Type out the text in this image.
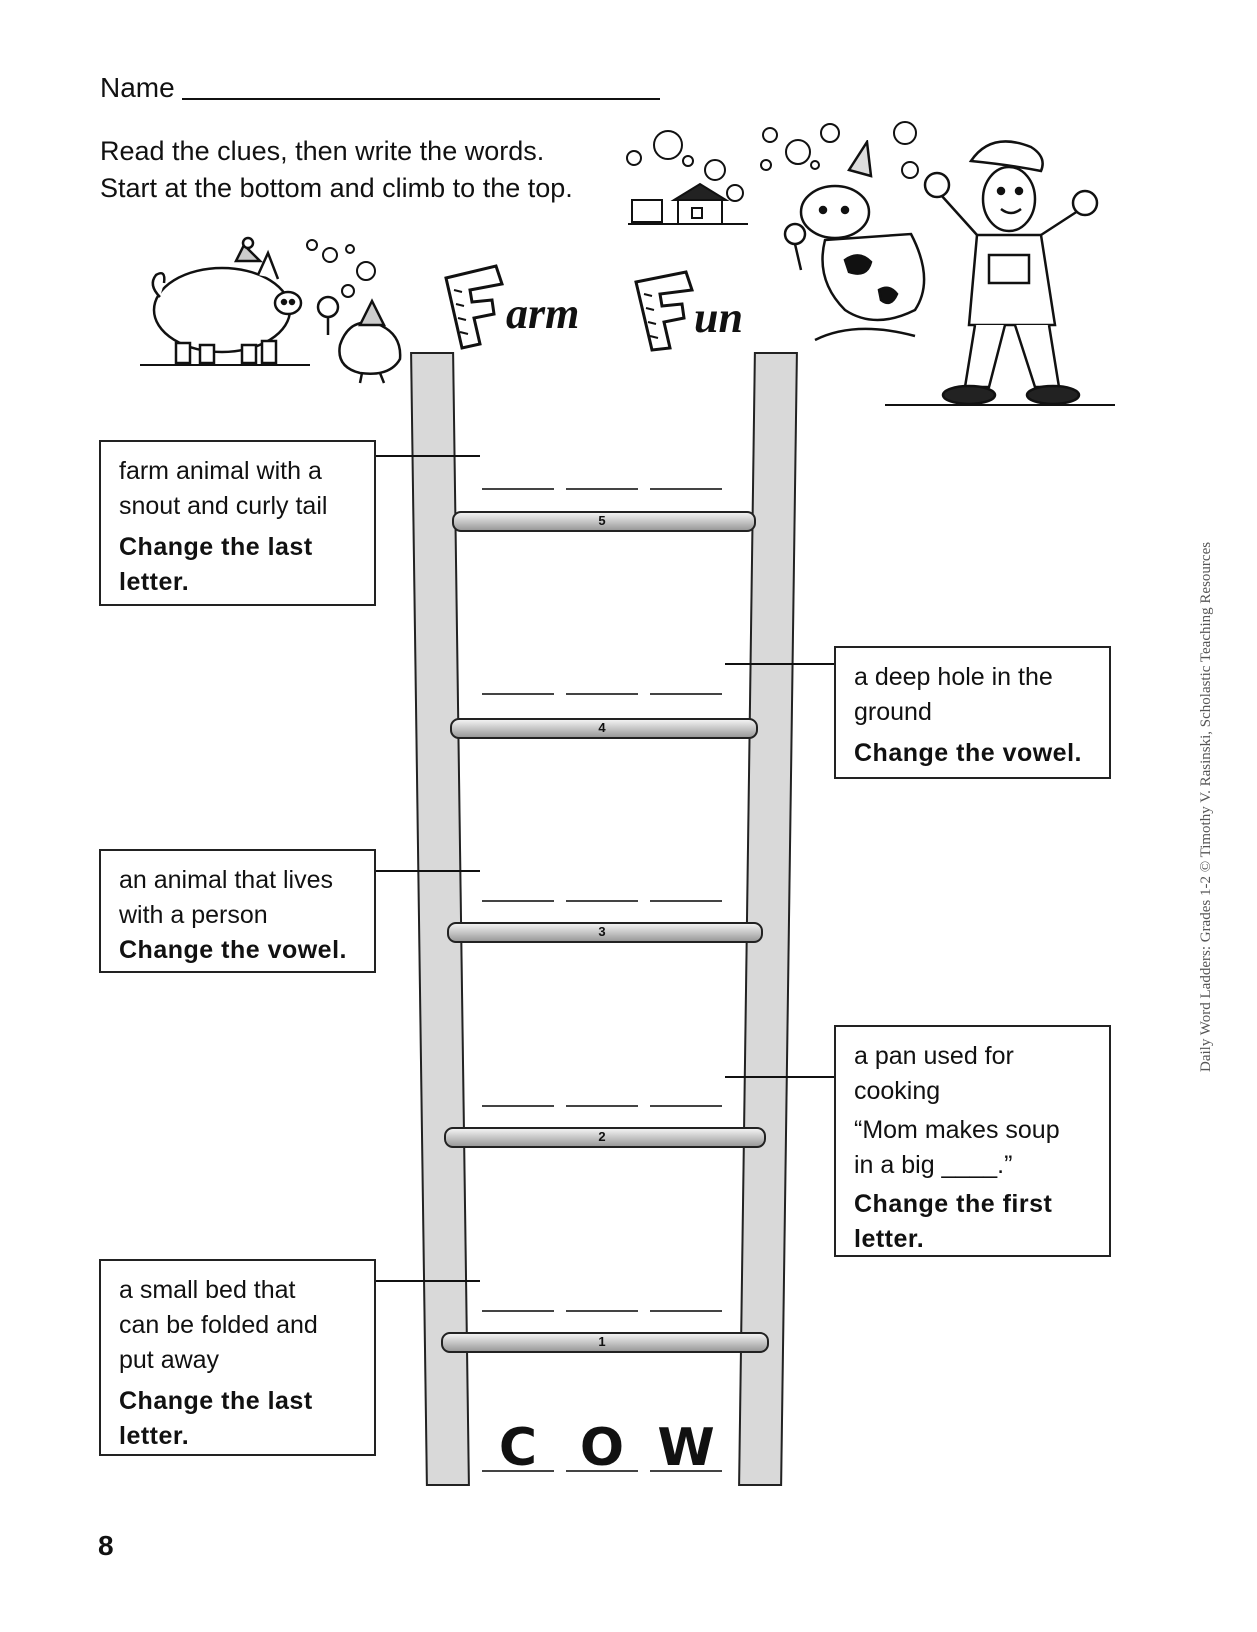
Name
Read the clues, then write the words.
Start at the bottom and climb to the top.
arm	un
5
4
3
2
1
C O W
farm animal with a
snout and curly tail
Change the last
letter.
a deep hole in the
ground
Change the vowel.
an animal that lives
with a person
Change the vowel.
a pan used for
cooking
“Mom makes soup
in a big ____.”
Change the first
letter.
a small bed that
can be folded and
put away
Change the last
letter.
8
Daily Word Ladders: Grades 1-2 © Timothy V. Rasinski, Scholastic Teaching Resources
